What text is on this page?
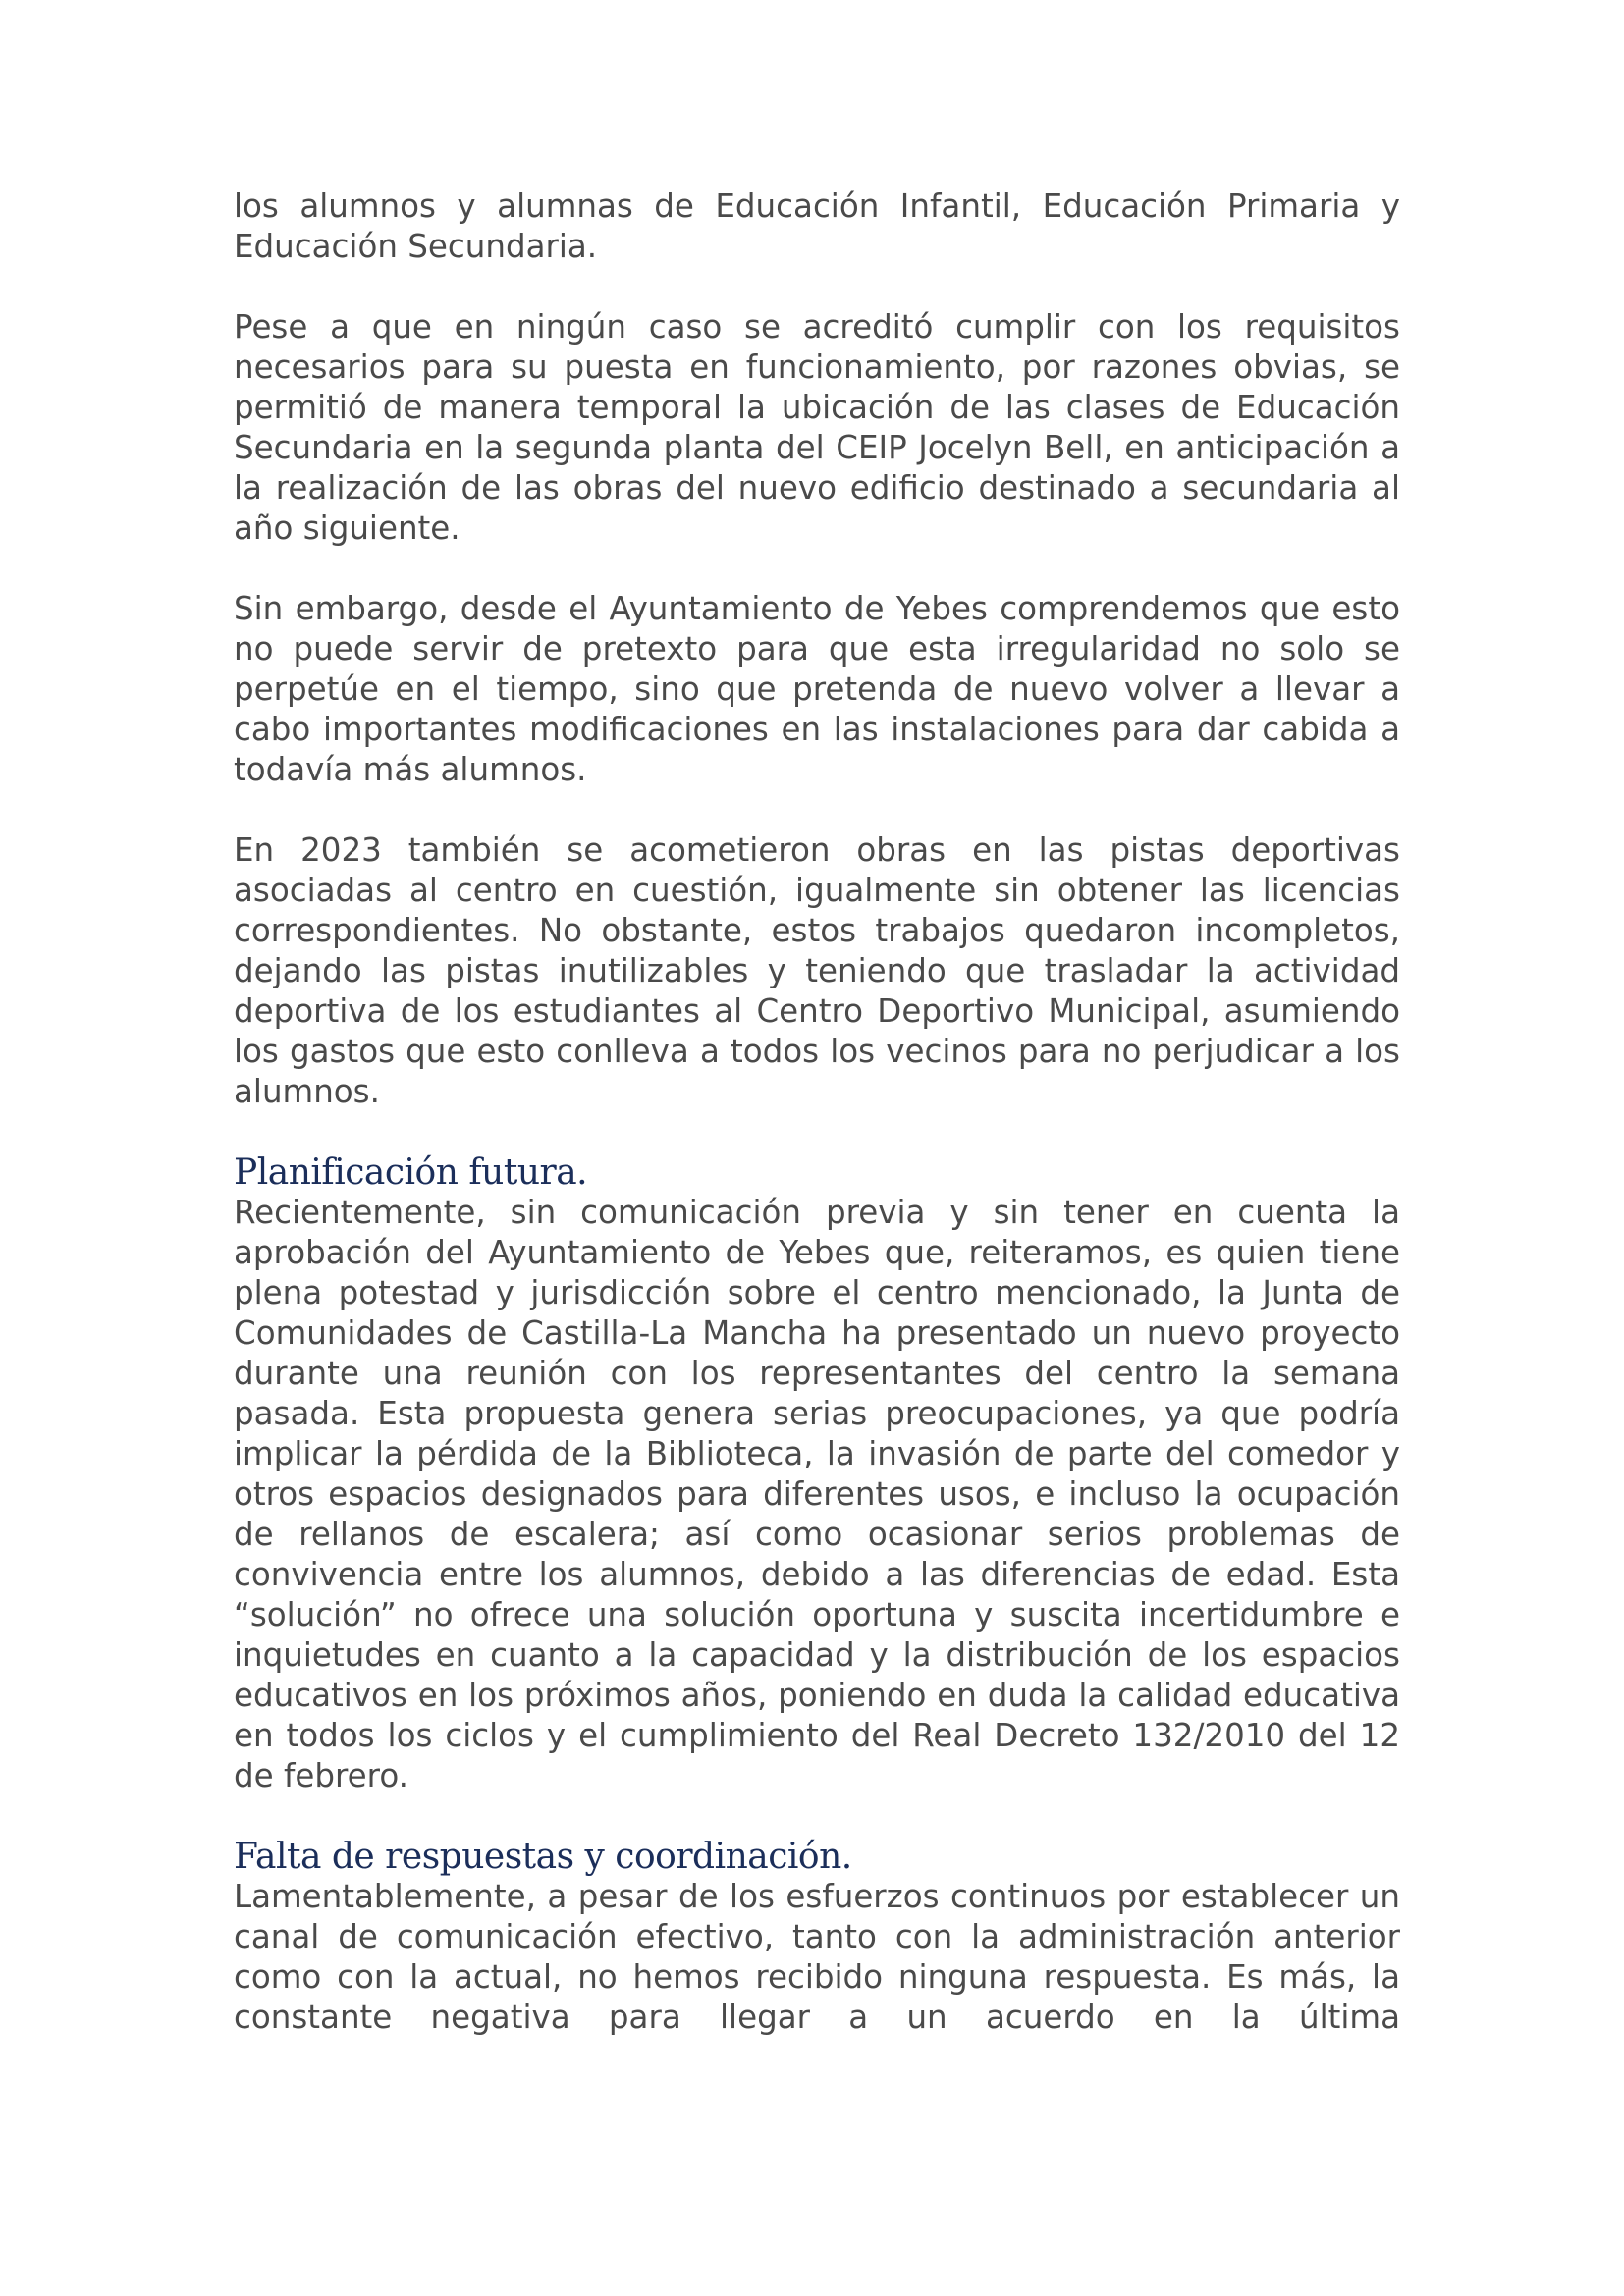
los alumnos y alumnas de Educación Infantil, Educación Primaria y Educación Secundaria.

Pese a que en ningún caso se acreditó cumplir con los requisitos necesarios para su puesta en funcionamiento, por razones obvias, se permitió de manera temporal la ubicación de las clases de Educación Secundaria en la segunda planta del CEIP Jocelyn Bell, en anticipación a la realización de las obras del nuevo edificio destinado a secundaria al año siguiente.

Sin embargo, desde el Ayuntamiento de Yebes comprendemos que esto no puede servir de pretexto para que esta irregularidad no solo se perpetúe en el tiempo, sino que pretenda de nuevo volver a llevar a cabo importantes modificaciones en las instalaciones para dar cabida a todavía más alumnos.

En 2023 también se acometieron obras en las pistas deportivas asociadas al centro en cuestión, igualmente sin obtener las licencias correspondientes. No obstante, estos trabajos quedaron incompletos, dejando las pistas inutilizables y teniendo que trasladar la actividad deportiva de los estudiantes al Centro Deportivo Municipal, asumiendo los gastos que esto conlleva a todos los vecinos para no perjudicar a los alumnos.

Planificación futura.

Recientemente, sin comunicación previa y sin tener en cuenta la aprobación del Ayuntamiento de Yebes que, reiteramos, es quien tiene plena potestad y jurisdicción sobre el centro mencionado, la Junta de Comunidades de Castilla-La Mancha ha presentado un nuevo proyecto durante una reunión con los representantes del centro la semana pasada. Esta propuesta genera serias preocupaciones, ya que podría implicar la pérdida de la Biblioteca, la invasión de parte del comedor y otros espacios designados para diferentes usos, e incluso la ocupación de rellanos de escalera; así como ocasionar serios problemas de convivencia entre los alumnos, debido a las diferencias de edad. Esta “solución” no ofrece una solución oportuna y suscita incertidumbre e inquietudes en cuanto a la capacidad y la distribución de los espacios educativos en los próximos años, poniendo en duda la calidad educativa en todos los ciclos y el cumplimiento del Real Decreto 132/2010 del 12 de febrero.

Falta de respuestas y coordinación.

Lamentablemente, a pesar de los esfuerzos continuos por establecer un canal de comunicación efectivo, tanto con la administración anterior como con la actual, no hemos recibido ninguna respuesta. Es más, la constante negativa para llegar a un acuerdo en la última
